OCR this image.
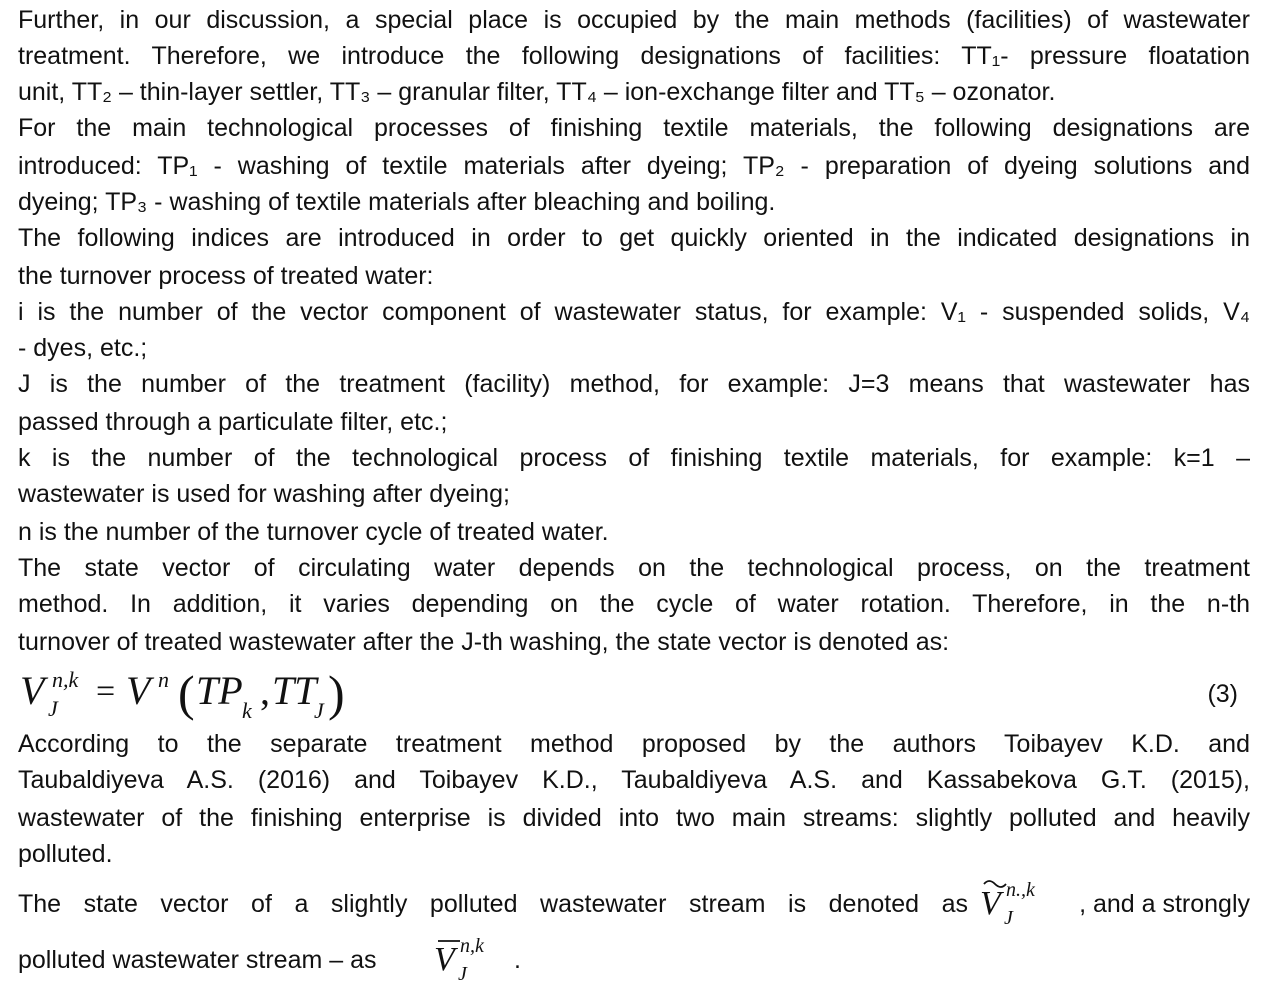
Further, in our discussion, a special place is occupied by the main methods (facilities) of wastewater
treatment. Therefore, we introduce the following designations of facilities: TT₁- pressure floatation
unit, TT₂ – thin-layer settler, TT₃ – granular filter, TT₄ – ion-exchange filter and TT₅ – ozonator.
For the main technological processes of finishing textile materials, the following designations are
introduced: TP₁ - washing of textile materials after dyeing; TP₂ - preparation of dyeing solutions and
dyeing; TP₃ - washing of textile materials after bleaching and boiling.
The following indices are introduced in order to get quickly oriented in the indicated designations in
the turnover process of treated water:
i is the number of the vector component of wastewater status, for example: V₁ - suspended solids, V₄
- dyes, etc.;
J is the number of the treatment (facility) method, for example: J=3 means that wastewater has
passed through a particulate filter, etc.;
k is the number of the technological process of finishing textile materials, for example: k=1 –
wastewater is used for washing after dyeing;
n is the number of the turnover cycle of treated water.
The state vector of circulating water depends on the technological process, on the treatment
method. In addition, it varies depending on the cycle of water rotation. Therefore, in the n-th
turnover of treated wastewater after the J-th washing, the state vector is denoted as:
V n,k
J = V n ( TP k , TT
J )	(3)
According to the separate treatment method proposed by the authors Toibayev K.D. and
Taubaldiyeva A.S. (2016) and Toibayev K.D., Taubaldiyeva A.S. and Kassabekova G.T. (2015),
wastewater of the finishing enterprise is divided into two main streams: slightly polluted and heavily
polluted.
The state vector of a slightly polluted wastewater stream is denoted as V n.,k
J	, and a strongly
polluted wastewater stream – as V n,k
J .
